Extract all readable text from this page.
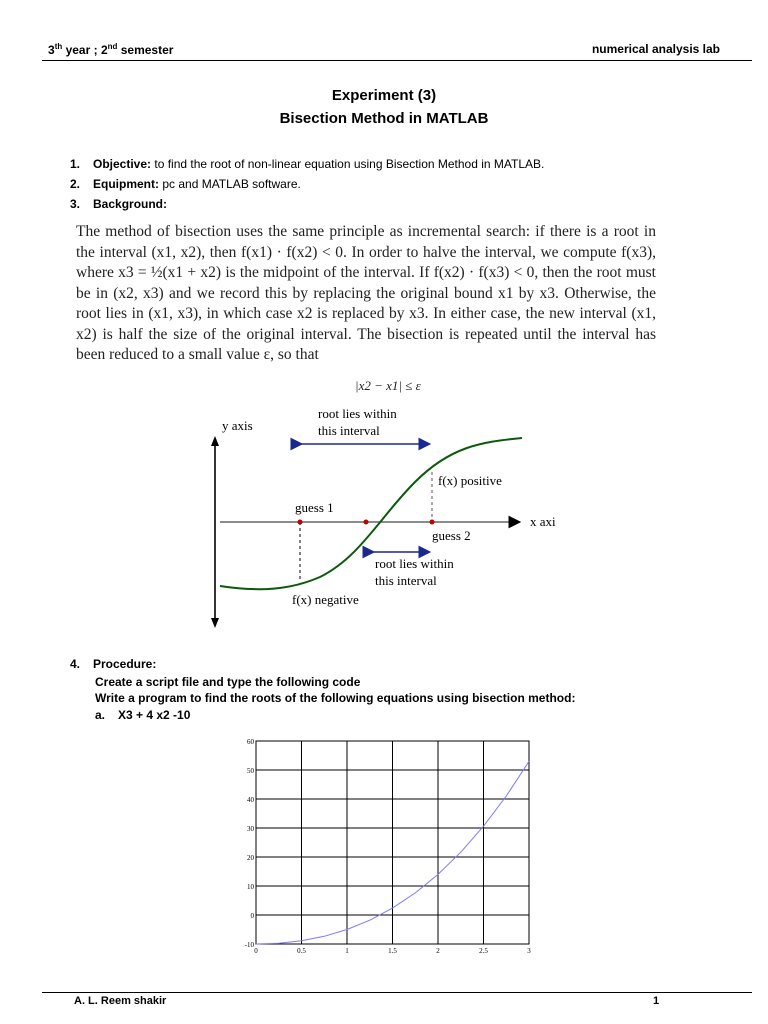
3th year ; 2nd semester	numerical analysis lab
Experiment (3)
Bisection Method in MATLAB
1. Objective: to find the root of non-linear equation using Bisection Method in MATLAB.
2. Equipment: pc and MATLAB software.
3. Background:
The method of bisection uses the same principle as incremental search: if there is a root in the interval (x1, x2), then f(x1) · f(x2) < 0. In order to halve the interval, we compute f(x3), where x3 = ½(x1 + x2) is the midpoint of the interval. If f(x2) · f(x3) < 0, then the root must be in (x2, x3) and we record this by replacing the original bound x1 by x3. Otherwise, the root lies in (x1, x3), in which case x2 is replaced by x3. In either case, the new interval (x1, x2) is half the size of the original interval. The bisection is repeated until the interval has been reduced to a small value ε, so that
|x2 − x1| ≤ ε
y axis
x axi
root lies within
this interval
f(x) positive
guess 1
guess 2
root lies within
this interval
f(x) negative
4. Procedure:
Create a script file and type the following code
Write a program to find the roots of the following equations using bisection method:
a. X3 + 4 x2 -10
0	0.5	1	1.5	2	2.5	3
60
50
40
30
20
10
0
-10
A. L. Reem shakir	1
